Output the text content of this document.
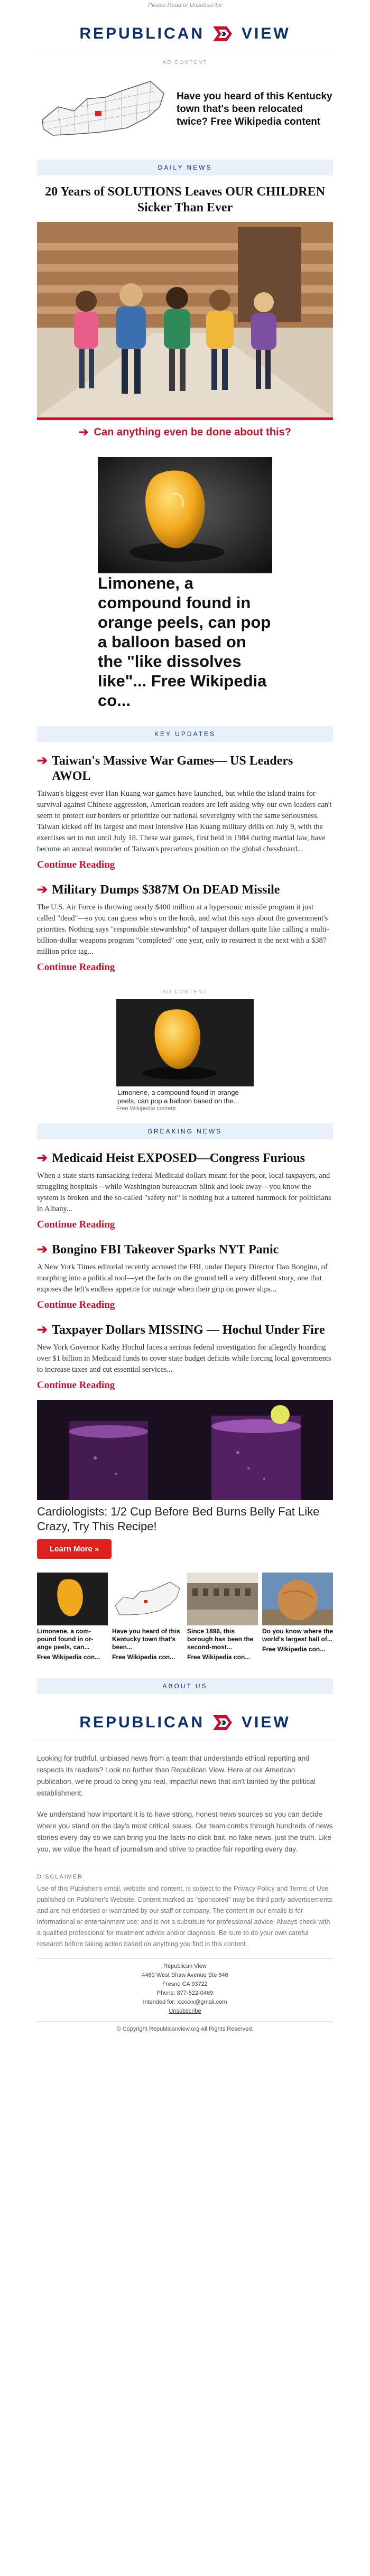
Please Read or Unsubscribe
REPUBLICAN VIEW
AD CONTENT
Have you heard of this Kentucky town that's been relocated twice? Free Wikipedia content
DAILY NEWS
20 Years of SOLUTIONS Leaves OUR CHILDREN Sicker Than Ever
➔ Can anything even be done about this?
Limonene, a compound found in orange peels, can pop a balloon based on the "like dissolves like"... Free Wikipedia co...
KEY UPDATES
➔ Taiwan's Massive War Games— US Leaders AWOL

Taiwan's biggest-ever Han Kuang war games have launched, but while the island trains for survival against Chinese aggression, American readers are left asking why our own leaders can't seem to protect our borders or prioritize our national sovereignty with the same seriousness. Taiwan kicked off its largest and most intensive Han Kuang military drills on July 9, with the exercises set to run until July 18. These war games, first held in 1984 during martial law, have become an annual reminder of Taiwan's precarious position on the global chessboard...

Continue Reading
➔ Military Dumps $387M On DEAD Missile

The U.S. Air Force is throwing nearly $400 million at a hypersonic missile program it just called "dead"—so you can guess who's on the hook, and what this says about the government's priorities. Nothing says "responsible stewardship" of taxpayer dollars quite like calling a multi-billion-dollar weapons program "completed" one year, only to resurrect it the next with a $387 million price tag...

Continue Reading
AD CONTENT
Limonene, a compound found in orange peels, can pop a balloon based on the...
Free Wikipedia content
BREAKING NEWS
➔ Medicaid Heist EXPOSED—Congress Furious

When a state starts ransacking federal Medicaid dollars meant for the poor, local taxpayers, and struggling hospitals—while Washington bureaucrats blink and look away—you know the system is broken and the so-called "safety net" is nothing but a tattered hammock for politicians in Albany...

Continue Reading
➔ Bongino FBI Takeover Sparks NYT Panic

A New York Times editorial recently accused the FBI, under Deputy Director Dan Bongino, of morphing into a political tool—yet the facts on the ground tell a very different story, one that exposes the left's endless appetite for outrage when their grip on power slips...

Continue Reading
➔ Taxpayer Dollars MISSING — Hochul Under Fire

New York Governor Kathy Hochul faces a serious federal investigation for allegedly hoarding over $1 billion in Medicaid funds to cover state budget deficits while forcing local governments to increase taxes and cut essential services...

Continue Reading
Cardiologists: 1/2 Cup Before Bed Burns Belly Fat Like Crazy, Try This Recipe!
Learn More »
Limonene, a com-pound found in or-ange peels, can...
Free Wikipedia con...
Have you heard of this Kentucky town that's been...
Free Wikipedia con...
Since 1896, this borough has been the second-most...
Free Wikipedia con...
Do you know where the world's largest ball of...
Free Wikipedia con...
ABOUT US
REPUBLICAN VIEW

Looking for truthful, unbiased news from a team that understands ethical reporting and respects its readers? Look no further than Republican View. Here at our American publication, we're proud to bring you real, impactful news that isn't tainted by the political establishment.

We understand how important it is to have strong, honest news sources so you can decide where you stand on the day's most critical issues. Our team combs through hundreds of news stories every day so we can bring you the facts-no click bait, no fake news, just the truth. Like you, we value the heart of journalism and strive to practice fair reporting every day.

DISCLAIMER

Use of this Publisher's email, website and content, is subject to the Privacy Policy and Terms of Use published on Publisher's Website. Content marked as "sponsored" may be third party advertisements and are not endorsed or warranted by our staff or company. The content in our emails is for informational or entertainment use; and is not a substitute for professional advice. Always check with a qualified professional for treatment advice and/or diagnosis. Be sure to do your own careful research before taking action based on anything you find in this content.

Republican View
4460 West Shaw Avenue Ste 646
Fresno CA 93722
Phone: 877-522-0469
Intended for: xxxxxx@gmail.com
Unsubscribe
© Copyright Republicanview.org All Rights Reserved.
